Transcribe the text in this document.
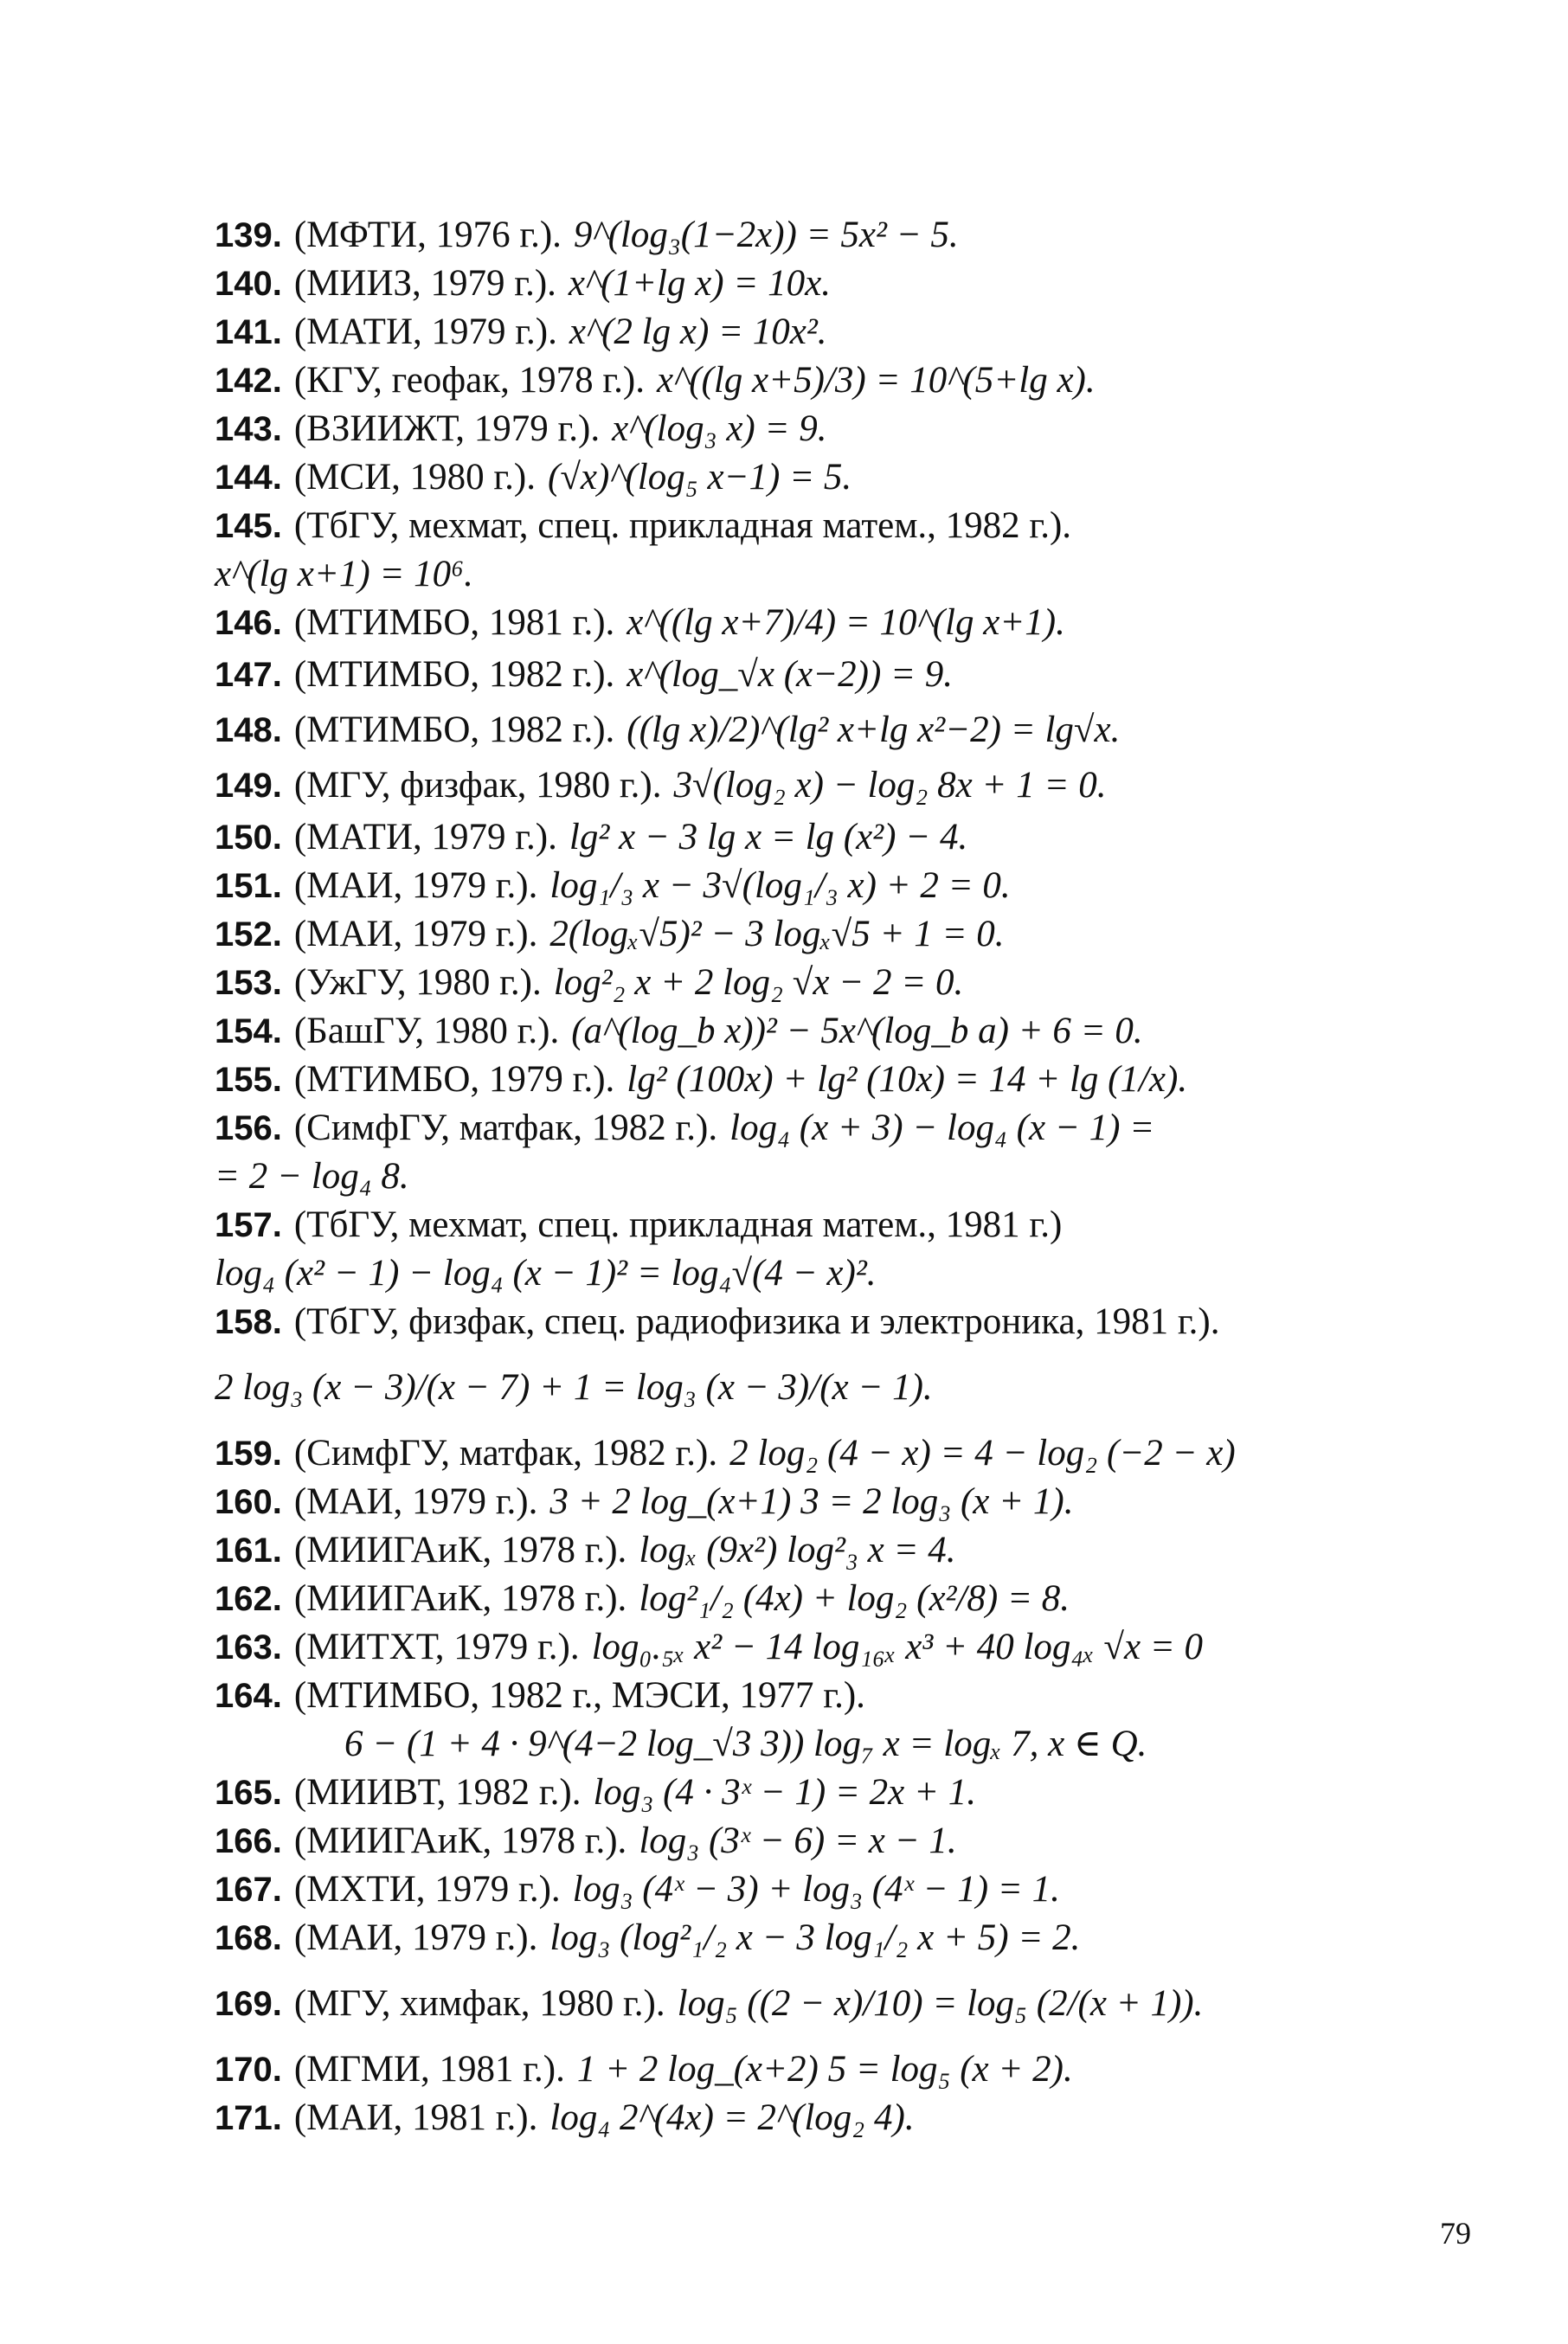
139. (МФТИ, 1976 г.). 9^(log₃(1−2x)) = 5x² − 5.
140. (МИИЗ, 1979 г.). x^(1+lg x) = 10x.
141. (МАТИ, 1979 г.). x^(2 lg x) = 10x².
142. (КГУ, геофак, 1978 г.). x^((lg x+5)/3) = 10^(5+lg x).
143. (ВЗИИЖТ, 1979 г.). x^(log₃ x) = 9.
144. (МСИ, 1980 г.). (√x)^(log₅ x−1) = 5.
145. (ТбГУ, мехмат, спец. прикладная матем., 1982 г.).
x^(lg x+1) = 10⁶.
146. (МТИМБО, 1981 г.). x^((lg x+7)/4) = 10^(lg x+1).
147. (МТИМБО, 1982 г.). x^(log_√x (x−2)) = 9.
148. (МТИМБО, 1982 г.). ((lg x)/2)^(lg² x+lg x²−2) = lg√x.
149. (МГУ, физфак, 1980 г.). 3√(log₂ x) − log₂ 8x + 1 = 0.
150. (МАТИ, 1979 г.). lg² x − 3 lg x = lg (x²) − 4.
151. (МАИ, 1979 г.). log₁/₃ x − 3√(log₁/₃ x) + 2 = 0.
152. (МАИ, 1979 г.). 2(logₓ√5)² − 3 logₓ√5 + 1 = 0.
153. (УжГУ, 1980 г.). log²₂ x + 2 log₂ √x − 2 = 0.
154. (БашГУ, 1980 г.). (a^(log_b x))² − 5x^(log_b a) + 6 = 0.
155. (МТИМБО, 1979 г.). lg² (100x) + lg² (10x) = 14 + lg (1/x).
156. (СимфГУ, матфак, 1982 г.). log₄ (x + 3) − log₄ (x − 1) =
= 2 − log₄ 8.
157. (ТбГУ, мехмат, спец. прикладная матем., 1981 г.)
log₄ (x² − 1) − log₄ (x − 1)² = log₄√(4 − x)².
158. (ТбГУ, физфак, спец. радиофизика и электроника, 1981 г.).
2 log₃ (x − 3)/(x − 7) + 1 = log₃ (x − 3)/(x − 1).
159. (СимфГУ, матфак, 1982 г.). 2 log₂ (4 − x) = 4 − log₂ (−2 − x)
160. (МАИ, 1979 г.). 3 + 2 log_(x+1) 3 = 2 log₃ (x + 1).
161. (МИИГАиК, 1978 г.). logₓ (9x²) log²₃ x = 4.
162. (МИИГАиК, 1978 г.). log²₁/₂ (4x) + log₂ (x²/8) = 8.
163. (МИТХТ, 1979 г.). log₀.₅ₓ x² − 14 log₁₆ₓ x³ + 40 log₄ₓ √x = 0
164. (МТИМБО, 1982 г., МЭСИ, 1977 г.).
6 − (1 + 4 · 9^(4−2 log_√3 3)) log₇ x = logₓ 7, x ∈ Q.
165. (МИИВТ, 1982 г.). log₃ (4 · 3ˣ − 1) = 2x + 1.
166. (МИИГАиК, 1978 г.). log₃ (3ˣ − 6) = x − 1.
167. (МХТИ, 1979 г.). log₃ (4ˣ − 3) + log₃ (4ˣ − 1) = 1.
168. (МАИ, 1979 г.). log₃ (log²₁/₂ x − 3 log₁/₂ x + 5) = 2.
169. (МГУ, химфак, 1980 г.). log₅ ((2 − x)/10) = log₅ (2/(x + 1)).
170. (МГМИ, 1981 г.). 1 + 2 log_(x+2) 5 = log₅ (x + 2).
171. (МАИ, 1981 г.). log₄ 2^(4x) = 2^(log₂ 4).
79
